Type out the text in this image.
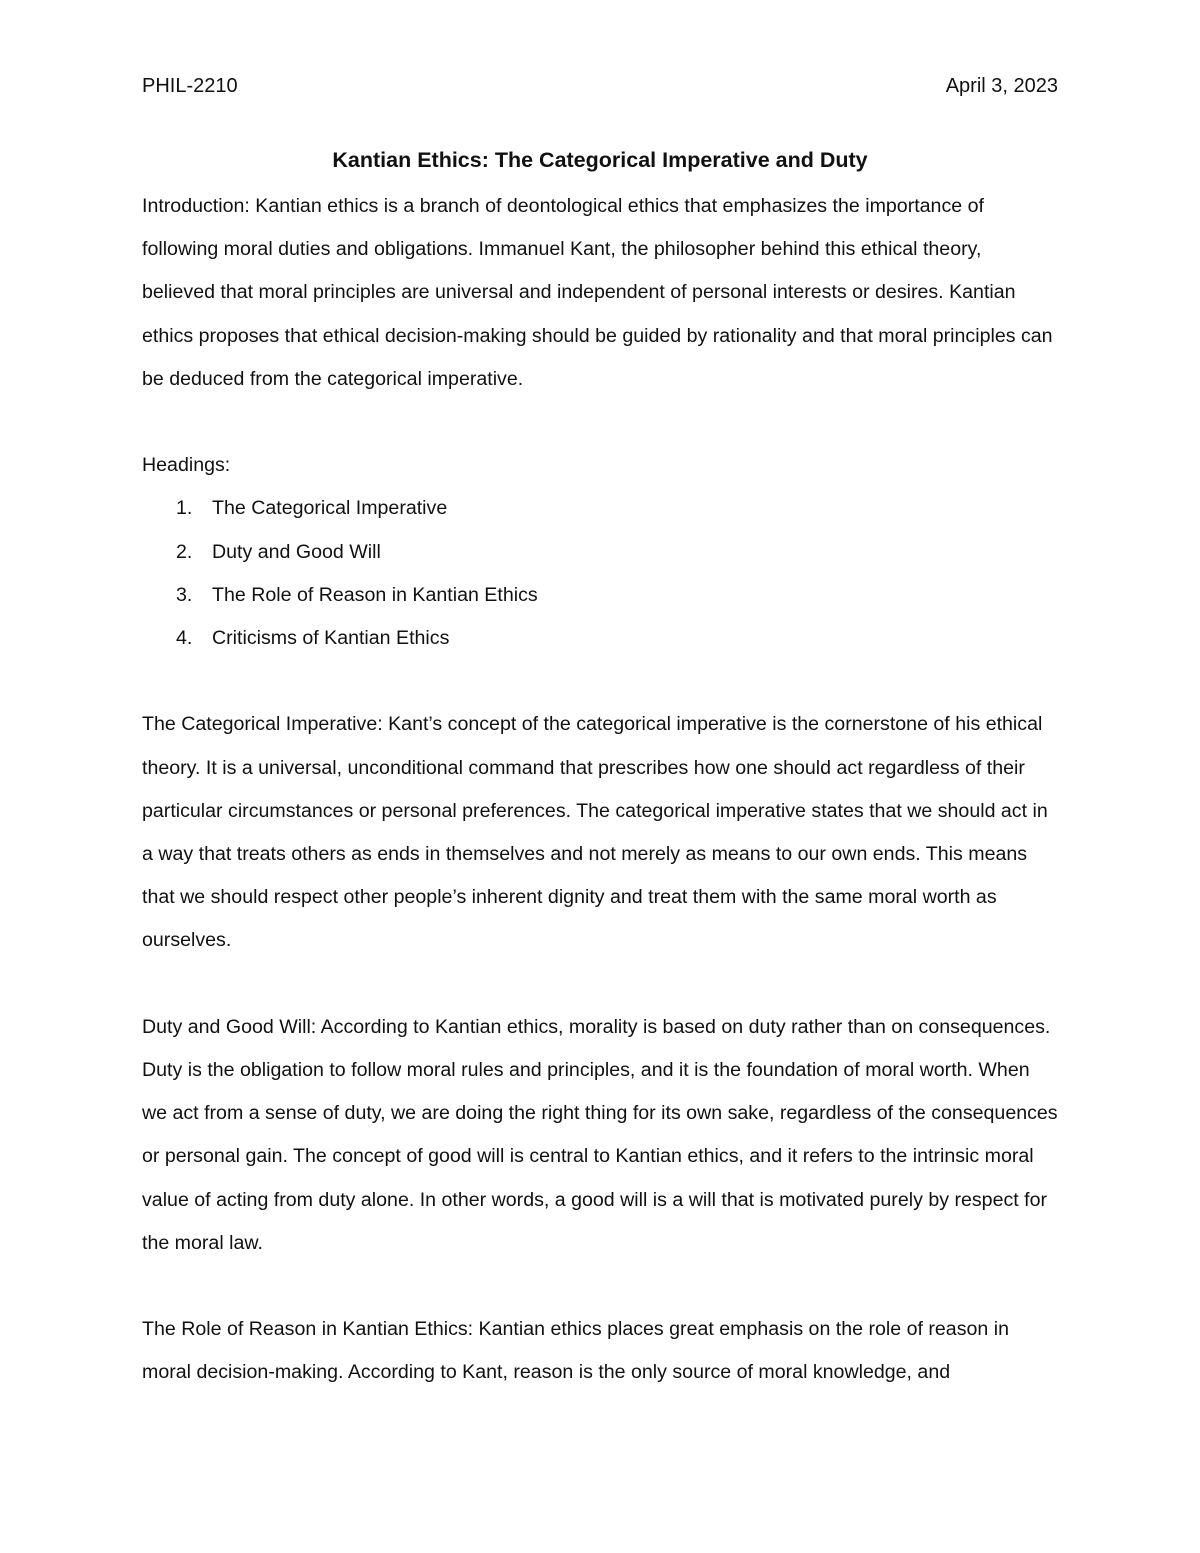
PHIL-2210	April 3, 2023
Kantian Ethics: The Categorical Imperative and Duty

Introduction: Kantian ethics is a branch of deontological ethics that emphasizes the importance of following moral duties and obligations. Immanuel Kant, the philosopher behind this ethical theory, believed that moral principles are universal and independent of personal interests or desires. Kantian ethics proposes that ethical decision-making should be guided by rationality and that moral principles can be deduced from the categorical imperative.

Headings:

1. The Categorical Imperative
2. Duty and Good Will
3. The Role of Reason in Kantian Ethics
4. Criticisms of Kantian Ethics

The Categorical Imperative: Kant’s concept of the categorical imperative is the cornerstone of his ethical theory. It is a universal, unconditional command that prescribes how one should act regardless of their particular circumstances or personal preferences. The categorical imperative states that we should act in a way that treats others as ends in themselves and not merely as means to our own ends. This means that we should respect other people’s inherent dignity and treat them with the same moral worth as ourselves.

Duty and Good Will: According to Kantian ethics, morality is based on duty rather than on consequences. Duty is the obligation to follow moral rules and principles, and it is the foundation of moral worth. When we act from a sense of duty, we are doing the right thing for its own sake, regardless of the consequences or personal gain. The concept of good will is central to Kantian ethics, and it refers to the intrinsic moral value of acting from duty alone. In other words, a good will is a will that is motivated purely by respect for the moral law.

The Role of Reason in Kantian Ethics: Kantian ethics places great emphasis on the role of reason in moral decision-making. According to Kant, reason is the only source of moral knowledge, and
